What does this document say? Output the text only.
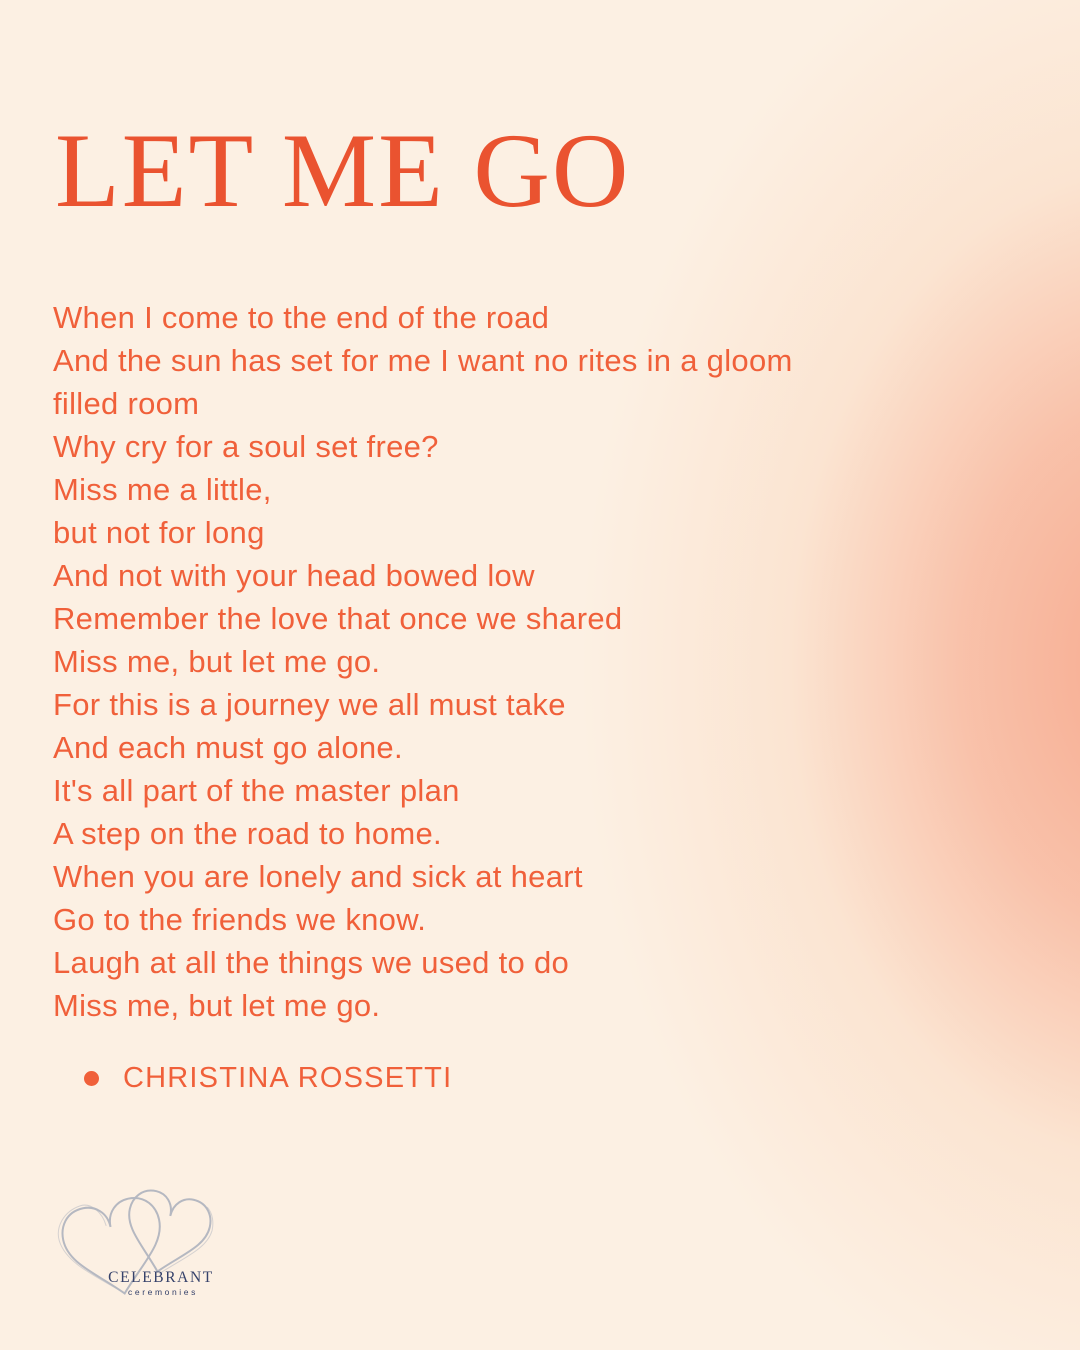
LET ME GO
When I come to the end of the road
And the sun has set for me I want no rites in a gloom
filled room
Why cry for a soul set free?
Miss me a little,
but not for long
And not with your head bowed low
Remember the love that once we shared
Miss me, but let me go.
For this is a journey we all must take
And each must go alone.
It's all part of the master plan
A step on the road to home.
When you are lonely and sick at heart
Go to the friends we know.
Laugh at all the things we used to do
Miss me, but let me go.
CHRISTINA ROSSETTI
CELEBRANT
ceremonies
